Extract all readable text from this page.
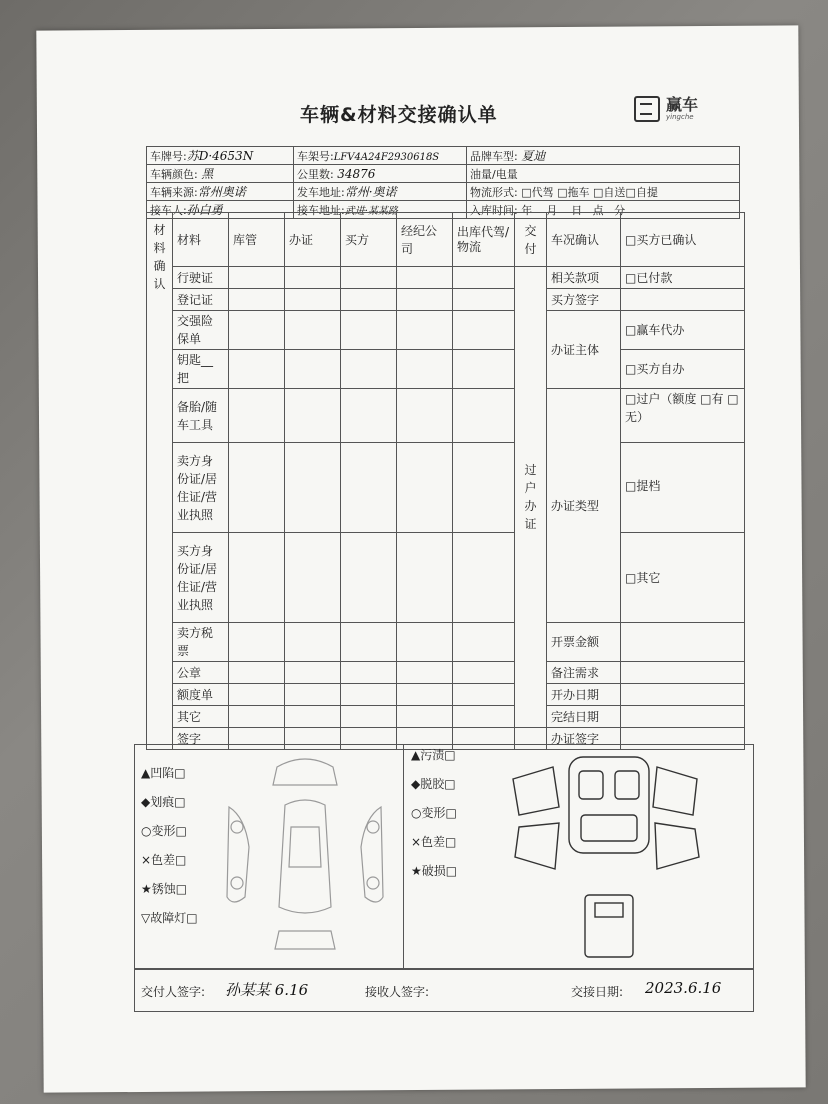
车辆&材料交接确认单	赢车
yingche
车牌号:苏D·4653N	车架号:LFV4A24F2930618S	品牌车型: 夏迪
车辆颜色: 黑	公里数: 34876	油量/电量
车辆来源:常州奥诺	发车地址:常州·奥诺	物流形式: □代驾 □拖车 □自送□自提
接车人:孙白勇	接车地址:武进·某某路	入库时间: 年    月    日   点   分
材料确认	材料	库管	办证	买方	经纪公司	出库代驾/物流	交付	车况确认	□买方已确认
	行驶证						过户办证	相关款项	□已付款
	登记证							买方签字	
	交强险保单							办证主体	□赢车代办
	钥匙__把								□买方自办
	备胎/随车工具							办证类型	□过户（额度 □有 □无）
	卖方身份证/居住证/营业执照								□提档
	买方身份证/居住证/营业执照								□其它
	卖方税票							开票金额	
	公章							备注需求	
	额度单							开办日期	
	其它							完结日期	
	签字							办证签字	
▲凹陷□
◆划痕□
○变形□
×色差□
★锈蚀□
▽故障灯□
▲污渍□
◆脱胶□
○变形□
×色差□
★破损□
交付人签字: 孙某某 6.16	接收人签字:	交接日期: 2023.6.16
